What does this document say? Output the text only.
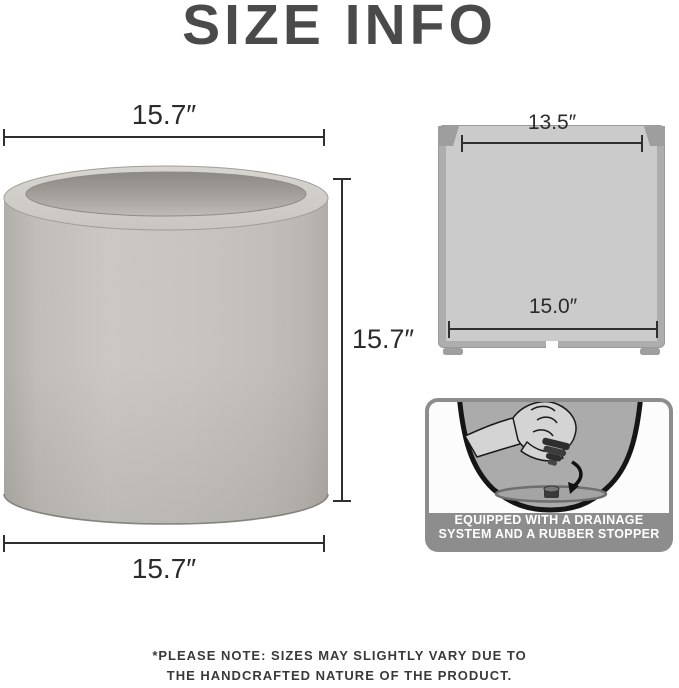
SIZE INFO
15.7″
15.7″
15.7″
13.5″
15.0″
EQUIPPED WITH A DRAINAGE
SYSTEM AND A RUBBER STOPPER
*PLEASE NOTE: SIZES MAY SLIGHTLY VARY DUE TO
THE HANDCRAFTED NATURE OF THE PRODUCT.
